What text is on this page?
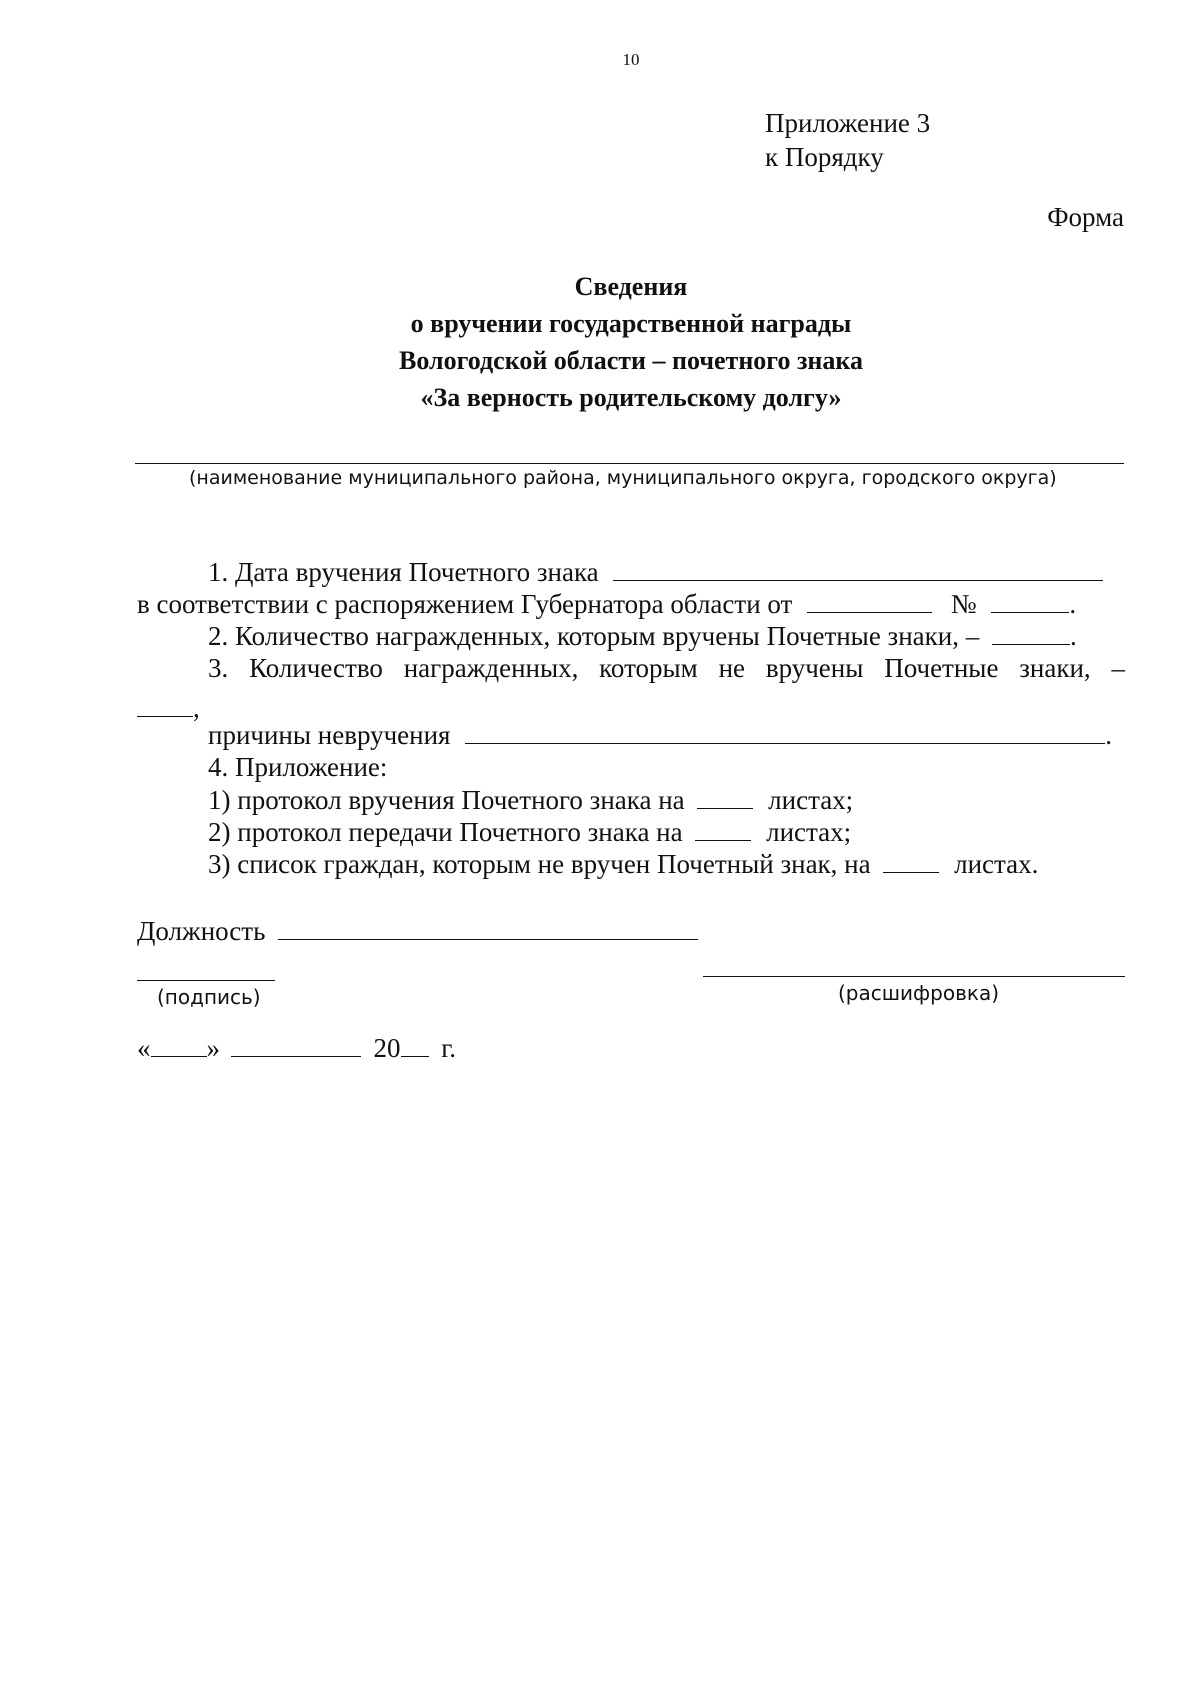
10
Приложение 3
к Порядку
Форма
Сведения
о вручении государственной награды
Вологодской области – почетного знака
«За верность родительскому долгу»
(наименование муниципального района, муниципального округа, городского округа)
1. Дата вручения Почетного знака
в соответствии с распоряжением Губернатора области от	№	.
2. Количество награжденных, которым вручены Почетные знаки, –	.
3. Количество награжденных, которым не вручены Почетные знаки, –
,
причины невручения	.
4. Приложение:
1) протокол вручения Почетного знака на	листах;
2) протокол передачи Почетного знака на	листах;
3) список граждан, которым не вручен Почетный знак, на	листах.
Должность
(подпись)	(расшифровка)
« »	20 г.
